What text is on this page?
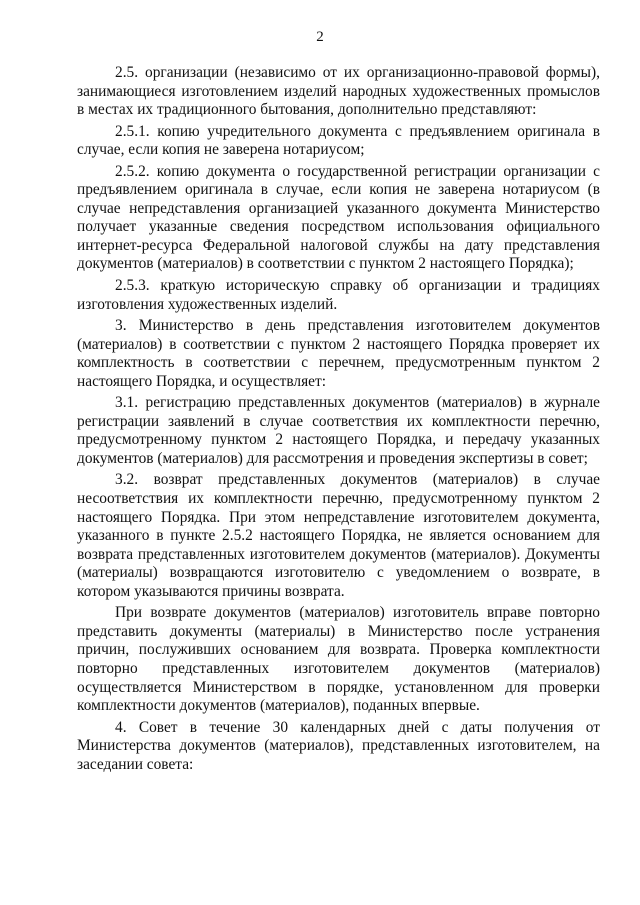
2

2.5. организации (независимо от их организационно-правовой формы), занимающиеся изготовлением изделий народных художественных промыслов в местах их традиционного бытования, дополнительно представляют:

2.5.1. копию учредительного документа с предъявлением оригинала в случае, если копия не заверена нотариусом;

2.5.2. копию документа о государственной регистрации организации с предъявлением оригинала в случае, если копия не заверена нотариусом (в случае непредставления организацией указанного документа Министерство получает указанные сведения посредством использования официального интернет-ресурса Федеральной налоговой службы на дату представления документов (материалов) в соответствии с пунктом 2 настоящего Порядка);

2.5.3. краткую историческую справку об организации и традициях изготовления художественных изделий.

3. Министерство в день представления изготовителем документов (материалов) в соответствии с пунктом 2 настоящего Порядка проверяет их комплектность в соответствии с перечнем, предусмотренным пунктом 2 настоящего Порядка, и осуществляет:

3.1. регистрацию представленных документов (материалов) в журнале регистрации заявлений в случае соответствия их комплектности перечню, предусмотренному пунктом 2 настоящего Порядка, и передачу указанных документов (материалов) для рассмотрения и проведения экспертизы в совет;

3.2. возврат представленных документов (материалов) в случае несоответствия их комплектности перечню, предусмотренному пунктом 2 настоящего Порядка. При этом непредставление изготовителем документа, указанного в пункте 2.5.2 настоящего Порядка, не является основанием для возврата представленных изготовителем документов (материалов). Документы (материалы) возвращаются изготовителю с уведомлением о возврате, в котором указываются причины возврата.

При возврате документов (материалов) изготовитель вправе повторно представить документы (материалы) в Министерство после устранения причин, послуживших основанием для возврата. Проверка комплектности повторно представленных изготовителем документов (материалов) осуществляется Министерством в порядке, установленном для проверки комплектности документов (материалов), поданных впервые.

4. Совет в течение 30 календарных дней с даты получения от Министерства документов (материалов), представленных изготовителем, на заседании совета:
